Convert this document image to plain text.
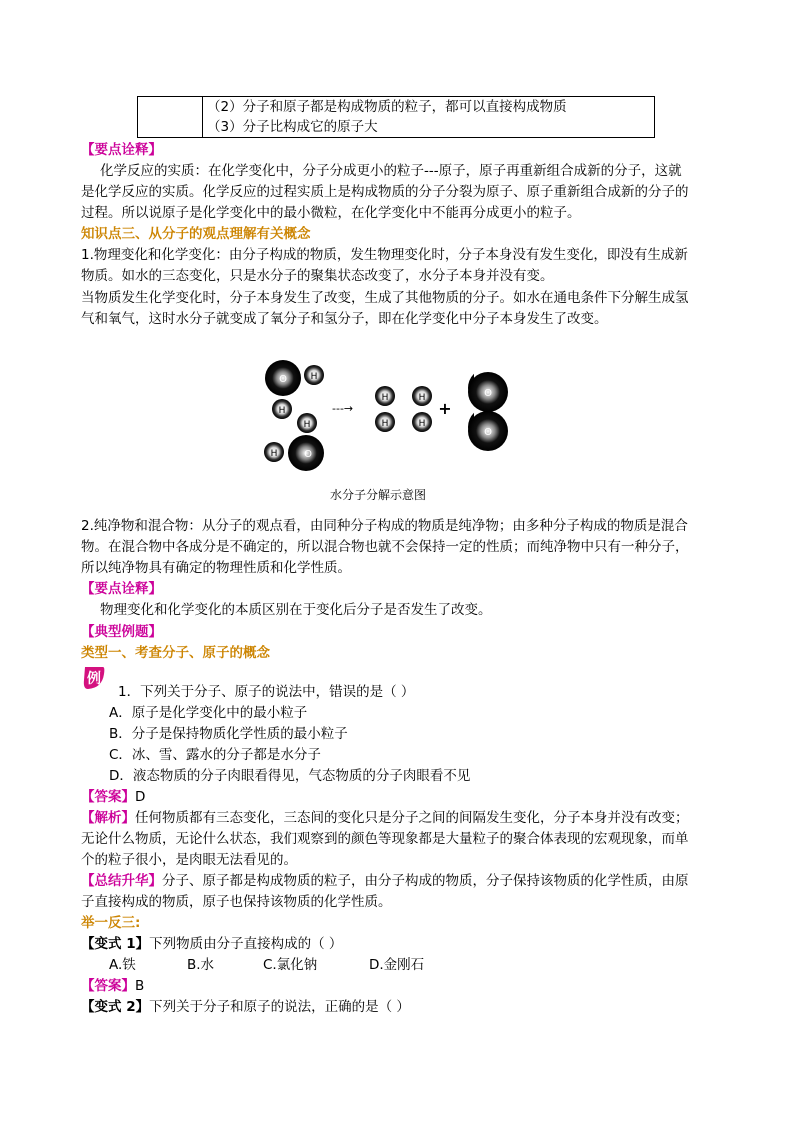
（2）分子和原子都是构成物质的粒子，都可以直接构成物质
（3）分子比构成它的原子大
【要点诠释】
化学反应的实质：在化学变化中，分子分成更小的粒子---原子，原子再重新组合成新的分子，这就
是化学反应的实质。化学反应的过程实质上是构成物质的分子分裂为原子、原子重新组合成新的分子的
过程。所以说原子是化学变化中的最小微粒，在化学变化中不能再分成更小的粒子。
知识点三、从分子的观点理解有关概念
1.物理变化和化学变化：由分子构成的物质，发生物理变化时，分子本身没有发生变化，即没有生成新
物质。如水的三态变化，只是水分子的聚集状态改变了，水分子本身并没有变。
当物质发生化学变化时，分子本身发生了改变，生成了其他物质的分子。如水在通电条件下分解生成氢
气和氧气，这时水分子就变成了氧分子和氢分子，即在化学变化中分子本身发生了改变。
O	H
H
O
H
H
---→
H
H
H
H
+
O
O
水分子分解示意图
2.纯净物和混合物：从分子的观点看，由同种分子构成的物质是纯净物；由多种分子构成的物质是混合
物。在混合物中各成分是不确定的，所以混合物也就不会保持一定的性质；而纯净物中只有一种分子，
所以纯净物具有确定的物理性质和化学性质。
【要点诠释】
物理变化和化学变化的本质区别在于变化后分子是否发生了改变。
【典型例题】
类型一、考查分子、原子的概念
例
1．下列关于分子、原子的说法中，错误的是（ ）
A．原子是化学变化中的最小粒子
B．分子是保持物质化学性质的最小粒子
C．冰、雪、露水的分子都是水分子
D．液态物质的分子肉眼看得见，气态物质的分子肉眼看不见
【答案】D
【解析】任何物质都有三态变化，三态间的变化只是分子之间的间隔发生变化，分子本身并没有改变；
无论什么物质，无论什么状态，我们观察到的颜色等现象都是大量粒子的聚合体表现的宏观现象，而单
个的粒子很小，是肉眼无法看见的。
【总结升华】分子、原子都是构成物质的粒子，由分子构成的物质，分子保持该物质的化学性质，由原
子直接构成的物质，原子也保持该物质的化学性质。
举一反三:
【变式 1】下列物质由分子直接构成的（ ）
A.铁	B.水	C.氯化钠	D.金刚石
【答案】B
【变式 2】下列关于分子和原子的说法，正确的是（ ）
